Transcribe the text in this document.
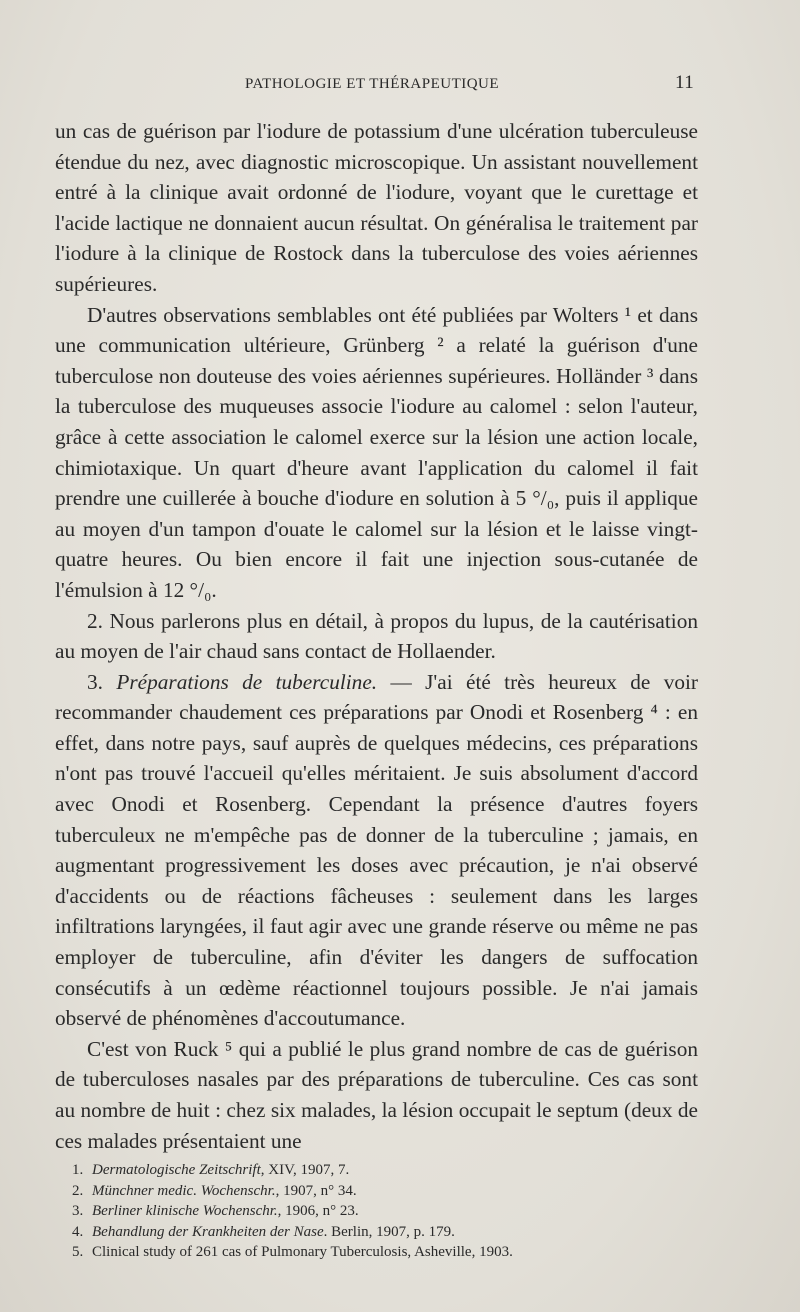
PATHOLOGIE ET THÉRAPEUTIQUE	11

un cas de guérison par l'iodure de potassium d'une ulcération tuberculeuse étendue du nez, avec diagnostic microscopique. Un assistant nouvellement entré à la clinique avait ordonné de l'iodure, voyant que le curettage et l'acide lactique ne donnaient aucun résultat. On généralisa le traitement par l'iodure à la clinique de Rostock dans la tuberculose des voies aériennes supérieures.

D'autres observations semblables ont été publiées par Wolters ¹ et dans une communication ultérieure, Grünberg ² a relaté la guérison d'une tuberculose non douteuse des voies aériennes supérieures. Holländer ³ dans la tuberculose des muqueuses associe l'iodure au calomel : selon l'auteur, grâce à cette association le calomel exerce sur la lésion une action locale, chimiotaxique. Un quart d'heure avant l'application du calomel il fait prendre une cuillerée à bouche d'iodure en solution à 5 °/₀, puis il applique au moyen d'un tampon d'ouate le calomel sur la lésion et le laisse vingt-quatre heures. Ou bien encore il fait une injection sous-cutanée de l'émulsion à 12 °/₀.

2. Nous parlerons plus en détail, à propos du lupus, de la cautérisation au moyen de l'air chaud sans contact de Hollaender.

3. Préparations de tuberculine. — J'ai été très heureux de voir recommander chaudement ces préparations par Onodi et Rosenberg ⁴ : en effet, dans notre pays, sauf auprès de quelques médecins, ces préparations n'ont pas trouvé l'accueil qu'elles méritaient. Je suis absolument d'accord avec Onodi et Rosenberg. Cependant la présence d'autres foyers tuberculeux ne m'empêche pas de donner de la tuberculine ; jamais, en augmentant progressivement les doses avec précaution, je n'ai observé d'accidents ou de réactions fâcheuses : seulement dans les larges infiltrations laryngées, il faut agir avec une grande réserve ou même ne pas employer de tuberculine, afin d'éviter les dangers de suffocation consécutifs à un œdème réactionnel toujours possible. Je n'ai jamais observé de phénomènes d'accoutumance.

C'est von Ruck ⁵ qui a publié le plus grand nombre de cas de guérison de tuberculoses nasales par des préparations de tuberculine. Ces cas sont au nombre de huit : chez six malades, la lésion occupait le septum (deux de ces malades présentaient une

1. Dermatologische Zeitschrift, XIV, 1907, 7.
2. Münchner medic. Wochenschr., 1907, n° 34.
3. Berliner klinische Wochenschr., 1906, n° 23.
4. Behandlung der Krankheiten der Nase. Berlin, 1907, p. 179.
5. Clinical study of 261 cas of Pulmonary Tuberculosis, Asheville, 1903.
